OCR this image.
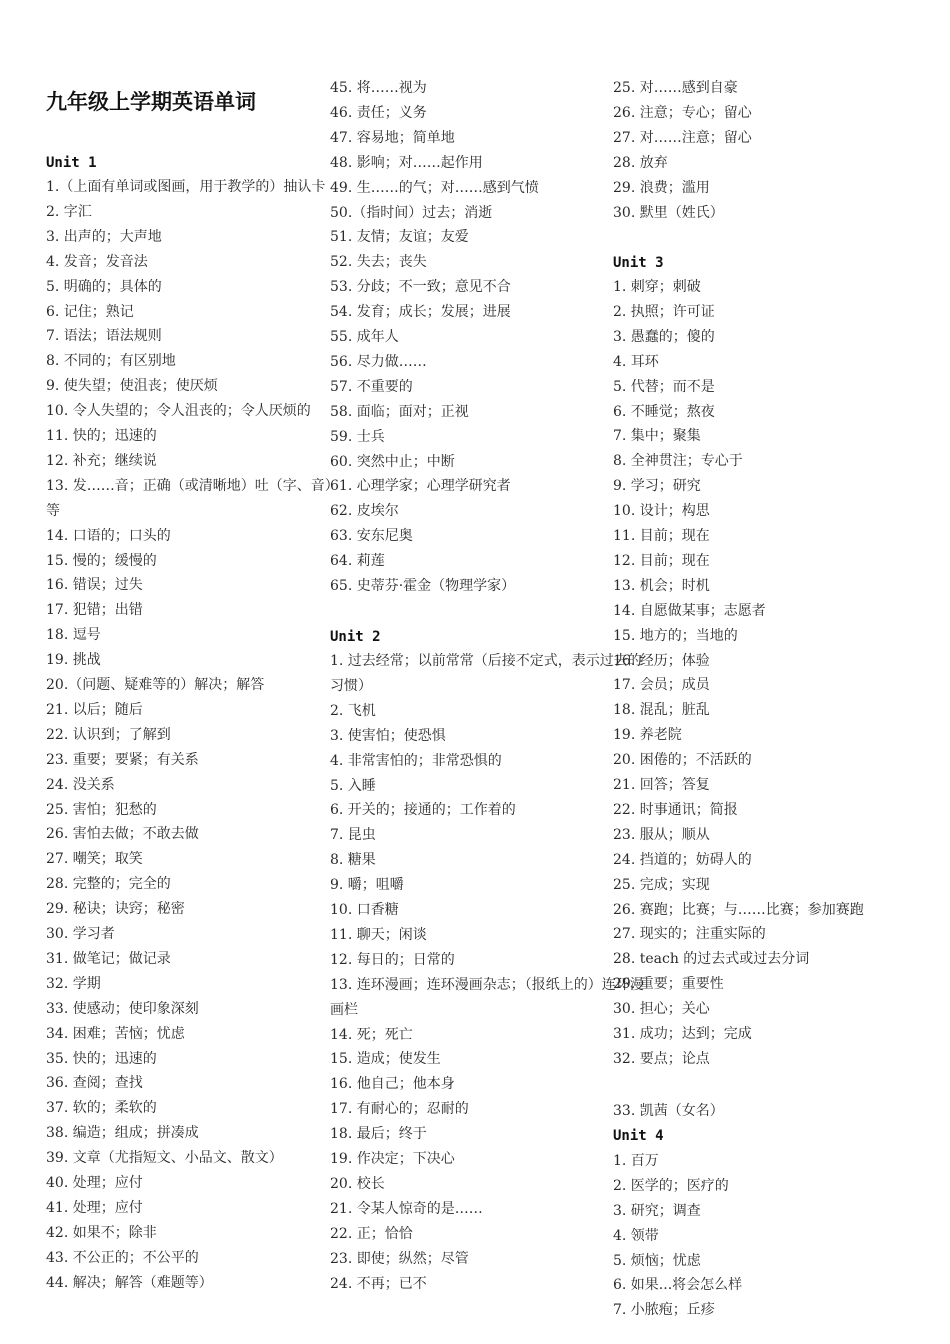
九年级上学期英语单词
Unit 1
1.（上面有单词或图画，用于教学的）抽认卡
2. 字汇
3. 出声的；大声地
4. 发音；发音法
5. 明确的；具体的
6. 记住；熟记
7. 语法；语法规则
8. 不同的；有区别地
9. 使失望；使沮丧；使厌烦
10. 令人失望的；令人沮丧的；令人厌烦的
11. 快的；迅速的
12. 补充；继续说
13. 发……音；正确（或清晰地）吐（字、音）
等
14. 口语的；口头的
15. 慢的；缓慢的
16. 错误；过失
17. 犯错；出错
18. 逗号
19. 挑战
20.（问题、疑难等的）解决；解答
21. 以后；随后
22. 认识到；了解到
23. 重要；要紧；有关系
24. 没关系
25. 害怕；犯愁的
26. 害怕去做；不敢去做
27. 嘲笑；取笑
28. 完整的；完全的
29. 秘诀；诀窍；秘密
30. 学习者
31. 做笔记；做记录
32. 学期
33. 使感动；使印象深刻
34. 困难；苦恼；忧虑
35. 快的；迅速的
36. 查阅；查找
37. 软的；柔软的
38. 编造；组成；拼凑成
39. 文章（尤指短文、小品文、散文）
40. 处理；应付
41. 处理；应付
42. 如果不；除非
43. 不公正的；不公平的
44. 解决；解答（难题等）
45. 将……视为
46. 责任；义务
47. 容易地；简单地
48. 影响；对……起作用
49. 生……的气；对……感到气愤
50.（指时间）过去；消逝
51. 友情；友谊；友爱
52. 失去；丧失
53. 分歧；不一致；意见不合
54. 发育；成长；发展；进展
55. 成年人
56. 尽力做……
57. 不重要的
58. 面临；面对；正视
59. 士兵
60. 突然中止；中断
61. 心理学家；心理学研究者
62. 皮埃尔
63. 安东尼奥
64. 莉莲
65. 史蒂芬·霍金（物理学家）
Unit 2
1. 过去经常；以前常常（后接不定式，表示过去的
习惯）
2. 飞机
3. 使害怕；使恐惧
4. 非常害怕的；非常恐惧的
5. 入睡
6. 开关的；接通的；工作着的
7. 昆虫
8. 糖果
9. 嚼；咀嚼
10. 口香糖
11. 聊天；闲谈
12. 每日的；日常的
13. 连环漫画；连环漫画杂志；（报纸上的）连环漫
画栏
14. 死；死亡
15. 造成；使发生
16. 他自己；他本身
17. 有耐心的；忍耐的
18. 最后；终于
19. 作决定；下决心
20. 校长
21. 令某人惊奇的是……
22. 正；恰恰
23. 即使；纵然；尽管
24. 不再；已不
25. 对……感到自豪
26. 注意；专心；留心
27. 对……注意；留心
28. 放弃
29. 浪费；滥用
30. 默里（姓氏）
Unit 3
1. 刺穿；刺破
2. 执照；许可证
3. 愚蠢的；傻的
4. 耳环
5. 代替；而不是
6. 不睡觉；熬夜
7. 集中；聚集
8. 全神贯注；专心于
9. 学习；研究
10. 设计；构思
11. 目前；现在
12. 目前；现在
13. 机会；时机
14. 自愿做某事；志愿者
15. 地方的；当地的
16. 经历；体验
17. 会员；成员
18. 混乱；脏乱
19. 养老院
20. 困倦的；不活跃的
21. 回答；答复
22. 时事通讯；简报
23. 服从；顺从
24. 挡道的；妨碍人的
25. 完成；实现
26. 赛跑；比赛；与……比赛；参加赛跑
27. 现实的；注重实际的
28. teach 的过去式或过去分词
29. 重要；重要性
30. 担心；关心
31. 成功；达到；完成
32. 要点；论点
33. 凯茜（女名）
Unit 4
1. 百万
2. 医学的；医疗的
3. 研究；调查
4. 领带
5. 烦恼；忧虑
6. 如果...将会怎么样
7. 小脓疱；丘疹
